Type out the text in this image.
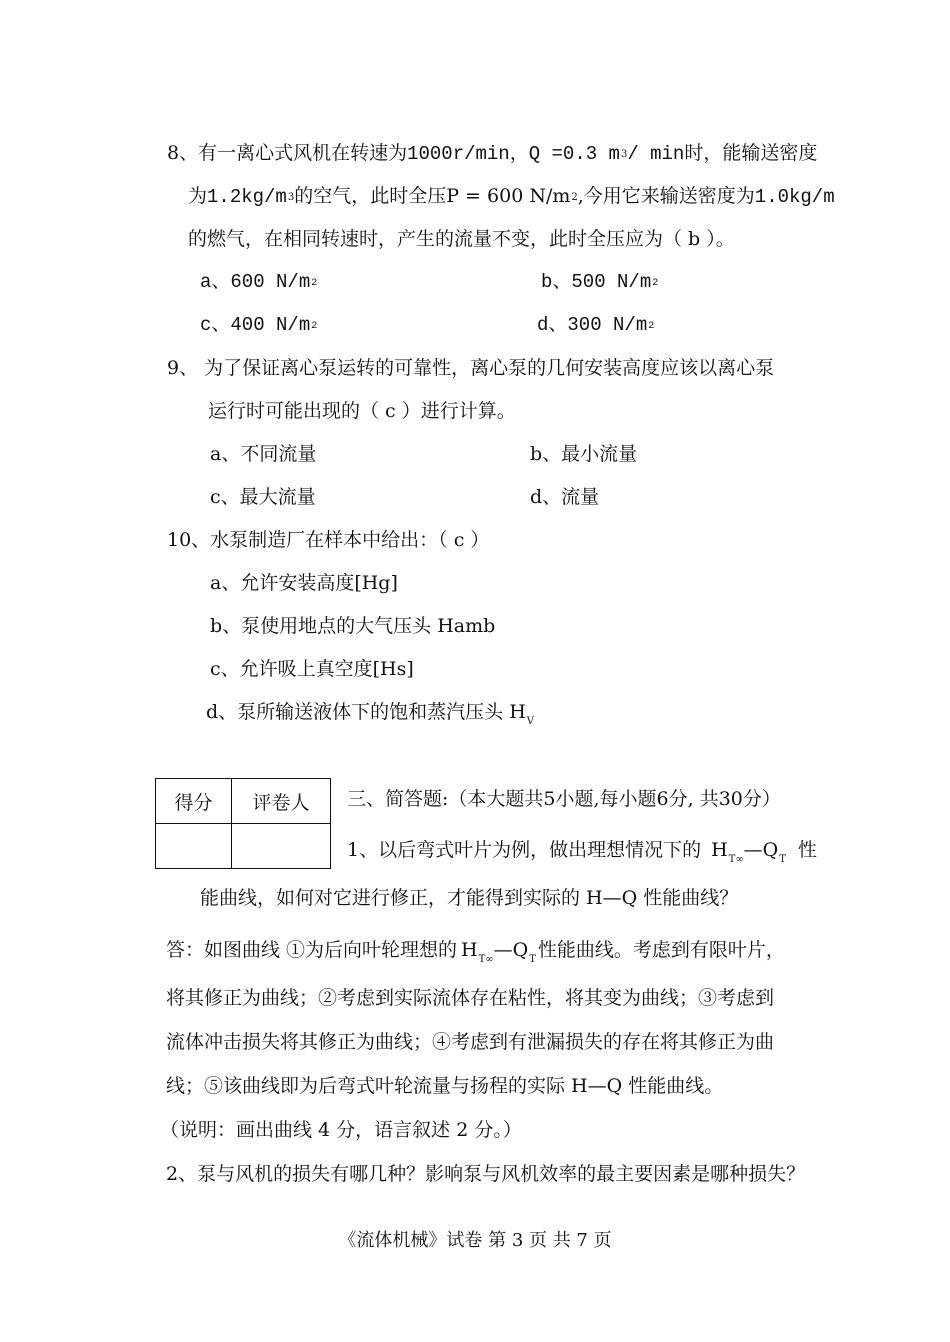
8、有一离心式风机在转速为1000r/min，Q =0.3 $m^3/$ min时，能输送密度
为$1.2kg/m^3$的空气，此时全压P = 600 $N/m^2$,今用它来输送密度为1.0kg/m
的燃气，在相同转速时，产生的流量不变，此时全压应为（ b ）。
a、600 $N/m^2$	b、500 $N/m^2$
c、400 $N/m^2$	d、300 $N/m^2$
9、 为了保证离心泵运转的可靠性，离心泵的几何安装高度应该以离心泵
运行时可能出现的（ c ）进行计算。
a、不同流量	b、最小流量
c、最大流量	d、流量
10、水泵制造厂在样本中给出：（ c ）
a、允许安装高度[Hg]
b、泵使用地点的大气压头 Hamb
c、允许吸上真空度[Hs]
d、泵所输送液体下的饱和蒸汽压头 $H_V$
得分	评卷人
	三、简答题:（本大题共5小题,每小题6分, 共30分）
1、以后弯式叶片为例，做出理想情况下的 $H_{T\infty}—Q_T$ 性
能曲线，如何对它进行修正，才能得到实际的 H—Q 性能曲线？
答：如图曲线 ①为后向叶轮理想的 $H_{T\infty}—Q_T$ 性能曲线。考虑到有限叶片，
将其修正为曲线；②考虑到实际流体存在粘性，将其变为曲线；③考虑到
流体冲击损失将其修正为曲线；④考虑到有泄漏损失的存在将其修正为曲
线；⑤该曲线即为后弯式叶轮流量与扬程的实际 H—Q 性能曲线。
（说明：画出曲线 4 分，语言叙述 2 分。）
2、泵与风机的损失有哪几种？影响泵与风机效率的最主要因素是哪种损失？
《流体机械》试卷 第 3 页 共 7 页
